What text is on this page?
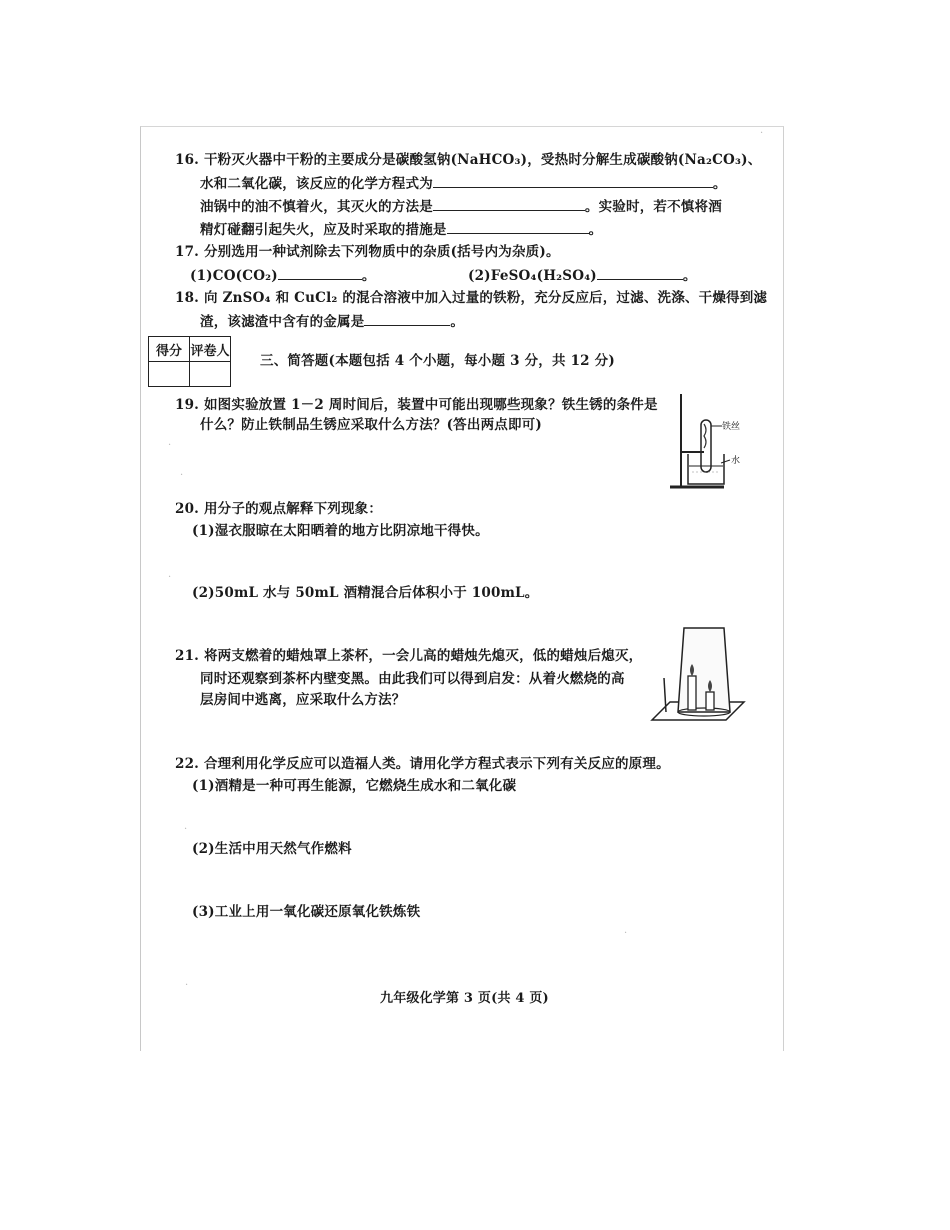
16. 干粉灭火器中干粉的主要成分是碳酸氢钠(NaHCO₃)，受热时分解生成碳酸钠(Na₂CO₃)、
水和二氧化碳，该反应的化学方程式为	。
油锅中的油不慎着火，其灭火的方法是	。实验时，若不慎将酒
精灯碰翻引起失火，应及时采取的措施是	。
17. 分别选用一种试剂除去下列物质中的杂质(括号内为杂质)。
(1)CO(CO₂)	。	(2)FeSO₄(H₂SO₄)	。
18. 向 ZnSO₄ 和 CuCl₂ 的混合溶液中加入过量的铁粉，充分反应后，过滤、洗涤、干燥得到滤
渣，该滤渣中含有的金属是	。
得分	评卷人

三、简答题(本题包括 4 个小题，每小题 3 分，共 12 分)
19. 如图实验放置 1－2 周时间后，装置中可能出现哪些现象？铁生锈的条件是
什么？防止铁制品生锈应采取什么方法？(答出两点即可)	铁丝
水
20. 用分子的观点解释下列现象：
(1)湿衣服晾在太阳晒着的地方比阴凉地干得快。
(2)50mL 水与 50mL 酒精混合后体积小于 100mL。
21. 将两支燃着的蜡烛罩上茶杯，一会儿高的蜡烛先熄灭，低的蜡烛后熄灭，
同时还观察到茶杯内壁变黑。由此我们可以得到启发：从着火燃烧的高
层房间中逃离，应采取什么方法？
22. 合理利用化学反应可以造福人类。请用化学方程式表示下列有关反应的原理。
(1)酒精是一种可再生能源，它燃烧生成水和二氧化碳
(2)生活中用天然气作燃料
(3)工业上用一氧化碳还原氧化铁炼铁
九年级化学第 3 页(共 4 页)
·
·
·
·
·
·
·
